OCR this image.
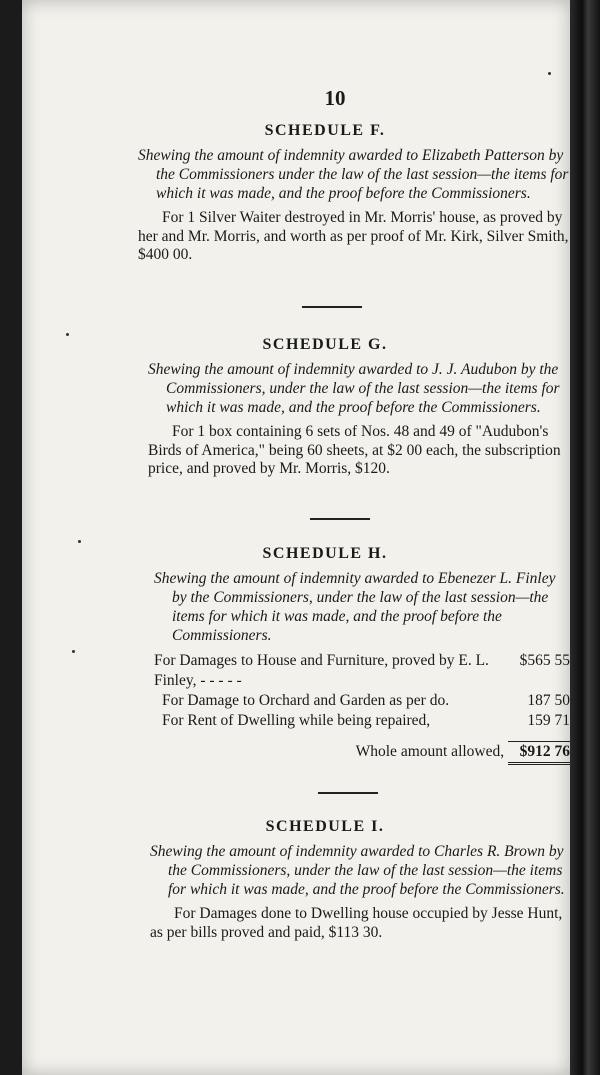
10
SCHEDULE F.

Shewing the amount of indemnity awarded to Elizabeth Patterson by the Commissioners under the law of the last session—the items for which it was made, and the proof before the Commissioners.

For 1 Silver Waiter destroyed in Mr. Morris' house, as proved by her and Mr. Morris, and worth as per proof of Mr. Kirk, Silver Smith, $400 00.

SCHEDULE G.

Shewing the amount of indemnity awarded to J. J. Audubon by the Commissioners, under the law of the last session—the items for which it was made, and the proof before the Commissioners.

For 1 box containing 6 sets of Nos. 48 and 49 of "Audubon's Birds of America," being 60 sheets, at $2 00 each, the subscription price, and proved by Mr. Morris, $120.

SCHEDULE H.

Shewing the amount of indemnity awarded to Ebenezer L. Finley by the Commissioners, under the law of the last session—the items for which it was made, and the proof before the Commissioners.

For Damages to House and Furniture, proved by E. L. Finley, - - - - -
$565 55
For Damage to Orchard and Garden as per do.	187 50
For Rent of Dwelling while being repaired,	159 71
Whole amount allowed, $912 76
SCHEDULE I.

Shewing the amount of indemnity awarded to Charles R. Brown by the Commissioners, under the law of the last session—the items for which it was made, and the proof before the Commissioners.

For Damages done to Dwelling house occupied by Jesse Hunt, as per bills proved and paid, $113 30.
